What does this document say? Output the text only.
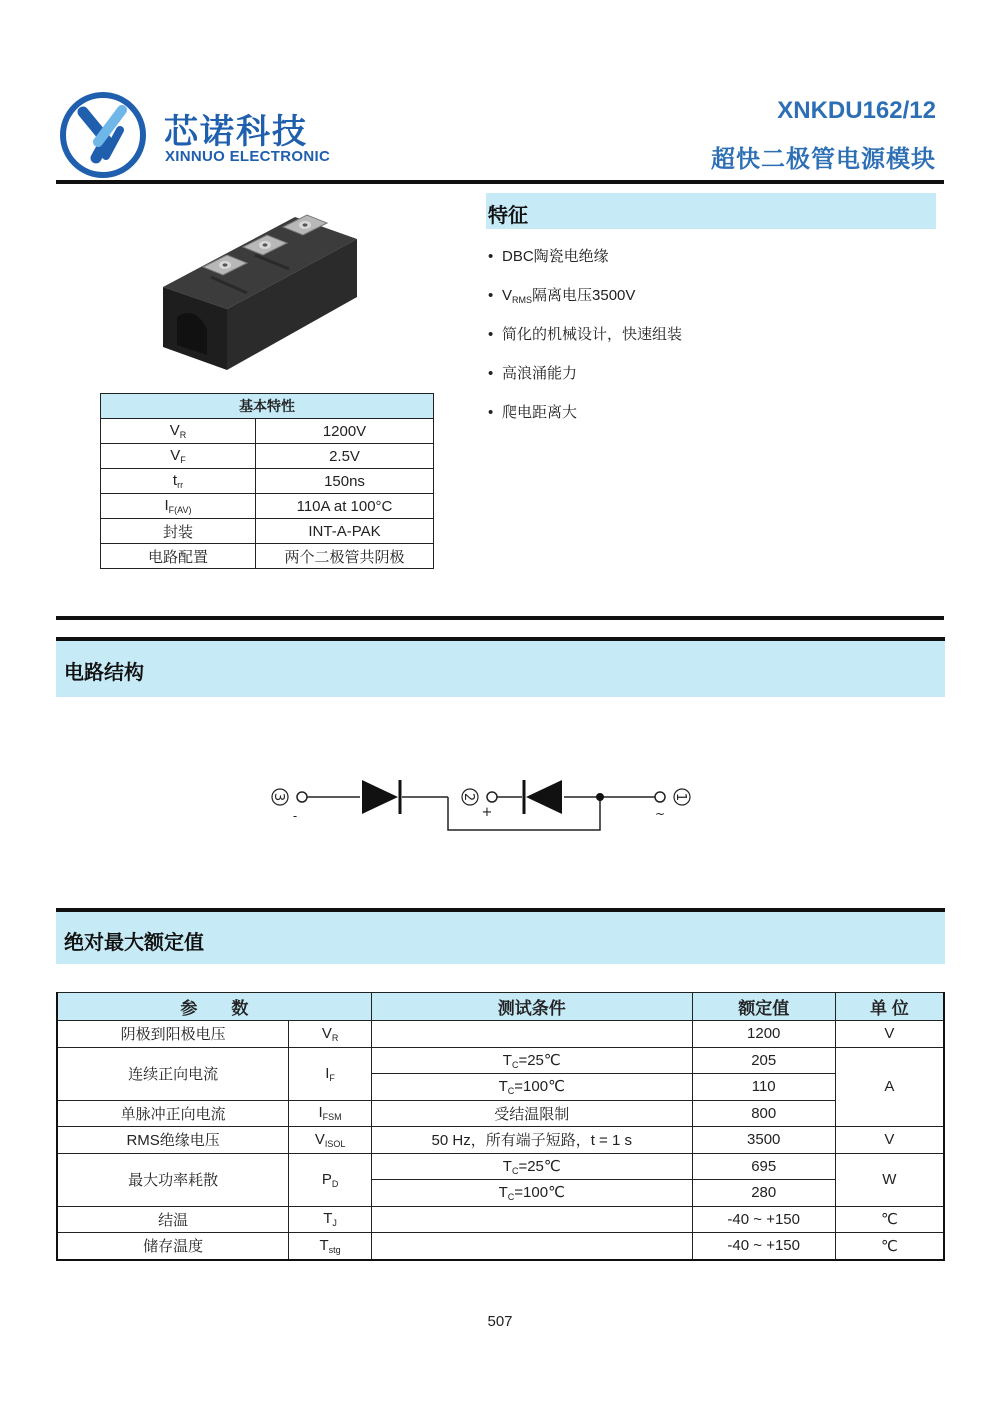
芯诺科技
XINNUO ELECTRONIC
XNKDU162/12
超快二极管电源模块
基本特性	
$V_R$	1200V
$V_F$	2.5V
$t_{rr}$	150ns
$I_{F(AV)}$	110A at 100°C
封装	INT-A-PAK
电路配置	两个二极管共阴极
特征
• DBC陶瓷电绝缘
• $V_{RMS}$隔离电压3500V
• 简化的机械设计，快速组装
• 高浪涌能力
• 爬电距离大
电路结构
3
-
2
+
1
~
绝对最大额定值
参　　数		测试条件	额定值	单 位
阴极到阳极电压	$V_R$		1200	V
连续正向电流	$I_F$	$T_C=25℃$	205	A
		$T_C=100℃$	110	
单脉冲正向电流	$I_{FSM}$	受结温限制	800	
RMS绝缘电压	$V_{ISOL}$	50 Hz，所有端子短路，t = 1 s	3500	V
最大功率耗散	$P_D$	$T_C=25℃$	695	W
		$T_C=100℃$	280	
结温	$T_J$		-40 ~ +150	℃
储存温度	$T_{stg}$		-40 ~ +150	℃
507
